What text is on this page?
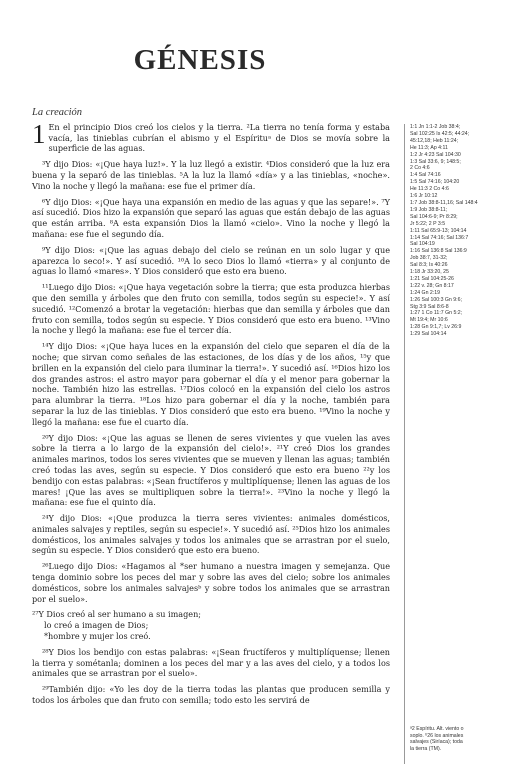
GÉNESIS
La creación

1 En el principio Dios creó los cielos y la tierra. ²La tierra no tenía forma y estaba vacía, las tinieblas cubrían el abismo y el Espírituᵃ de Dios se movía sobre la superficie de las aguas.

³Y dijo Dios: «¡Que haya luz!». Y la luz llegó a existir. ⁴Dios consideró que la luz era buena y la separó de las tinieblas. ⁵A la luz la llamó «día» y a las tinieblas, «noche». Vino la noche y llegó la mañana: ese fue el primer día.

⁶Y dijo Dios: «¡Que haya una expansión en medio de las aguas y que las separe!». ⁷Y así sucedió. Dios hizo la expansión que separó las aguas que están debajo de las aguas que están arriba. ⁸A esta expansión Dios la llamó «cielo». Vino la noche y llegó la mañana: ese fue el segundo día.

⁹Y dijo Dios: «¡Que las aguas debajo del cielo se reúnan en un solo lugar y que aparezca lo seco!». Y así sucedió. ¹⁰A lo seco Dios lo llamó «tierra» y al conjunto de aguas lo llamó «mares». Y Dios consideró que esto era bueno.

¹¹Luego dijo Dios: «¡Que haya vegetación sobre la tierra; que esta produzca hierbas que den semilla y árboles que den fruto con semilla, todos según su especie!». Y así sucedió. ¹²Comenzó a brotar la vegetación: hierbas que dan semilla y árboles que dan fruto con semilla, todos según su especie. Y Dios consideró que esto era bueno. ¹³Vino la noche y llegó la mañana: ese fue el tercer día.

¹⁴Y dijo Dios: «¡Que haya luces en la expansión del cielo que separen el día de la noche; que sirvan como señales de las estaciones, de los días y de los años, ¹⁵y que brillen en la expansión del cielo para iluminar la tierra!». Y sucedió así. ¹⁶Dios hizo los dos grandes astros: el astro mayor para gobernar el día y el menor para gobernar la noche. También hizo las estrellas. ¹⁷Dios colocó en la expansión del cielo los astros para alumbrar la tierra. ¹⁸Los hizo para gobernar el día y la noche, también para separar la luz de las tinieblas. Y Dios consideró que esto era bueno. ¹⁹Vino la noche y llegó la mañana: ese fue el cuarto día.

²⁰Y dijo Dios: «¡Que las aguas se llenen de seres vivientes y que vuelen las aves sobre la tierra a lo largo de la expansión del cielo!». ²¹Y creó Dios los grandes animales marinos, todos los seres vivientes que se mueven y llenan las aguas; también creó todas las aves, según su especie. Y Dios consideró que esto era bueno ²²y los bendijo con estas palabras: «¡Sean fructíferos y multiplíquense; llenen las aguas de los mares! ¡Que las aves se multipliquen sobre la tierra!». ²³Vino la noche y llegó la mañana: ese fue el quinto día.

²⁴Y dijo Dios: «¡Que produzca la tierra seres vivientes: animales domésticos, animales salvajes y reptiles, según su especie!». Y sucedió así. ²⁵Dios hizo los animales domésticos, los animales salvajes y todos los animales que se arrastran por el suelo, según su especie. Y Dios consideró que esto era bueno.

²⁶Luego dijo Dios: «Hagamos al *ser humano a nuestra imagen y semejanza. Que tenga dominio sobre los peces del mar y sobre las aves del cielo; sobre los animales domésticos, sobre los animales salvajesᵇ y sobre todos los animales que se arrastran por el suelo».

²⁷Y Dios creó al ser humano a su imagen;
lo creó a imagen de Dios;
*hombre y mujer los creó.

²⁸Y Dios los bendijo con estas palabras: «¡Sean fructíferos y multiplíquense; llenen la tierra y sométanla; dominen a los peces del mar y a las aves del cielo, y a todos los animales que se arrastran por el suelo».

²⁹También dijo: «Yo les doy de la tierra todas las plantas que producen semilla y todos los árboles que dan fruto con semilla; todo esto les servirá de

1:1 Jn 1:1-2 Job 38:4;
Sal 102:25 Is 42:5; 44:24;
45:12,18; Heb 11:24;
He 11:3; Ap 4:11
1:2 Jr 4:23 Sal 104:30
1:3 Sal 33:6, 9; 148:5;
2 Co 4:6
1:4 Sal 74:16
1:5 Sal 74:16; 104:20
He 11:3 2 Co 4:6
1:6 Jr 10:12
1:7 Job 38:8-11,16; Sal 148:4
1:9 Job 38:8-11;
Sal 104:6-9; Pr 8:29;
Jr 5:22; 2 P 3:5
1:11 Sal 65:9-13; 104:14
1:14 Sal 74:16; Sal 136:7
Sal 104:19
1:16 Sal 136:8 Sal 136:9
Job 38:7, 31-32;
Sal 8:3; Is 40:26
1:18 Jr 33:20, 25
1:21 Sal 104:25-26
1:22 v. 28; Gn 8:17
1:24 Gn 2:19
1:26 Sal 100:3 Gn 9:6;
Stg 3:9 Sal 8:6-8
1:27 1 Co 11:7 Gn 5:2;
Mt 19:4; Mr 10:6
1:28 Gn 9:1,7; Lv 26:9
1:29 Sal 104:14
ᵃ2 Espíritu. Alt. viento o
soplo. ᵇ26 los animales
salvajes (Siríaca); toda
la tierra (TM).
